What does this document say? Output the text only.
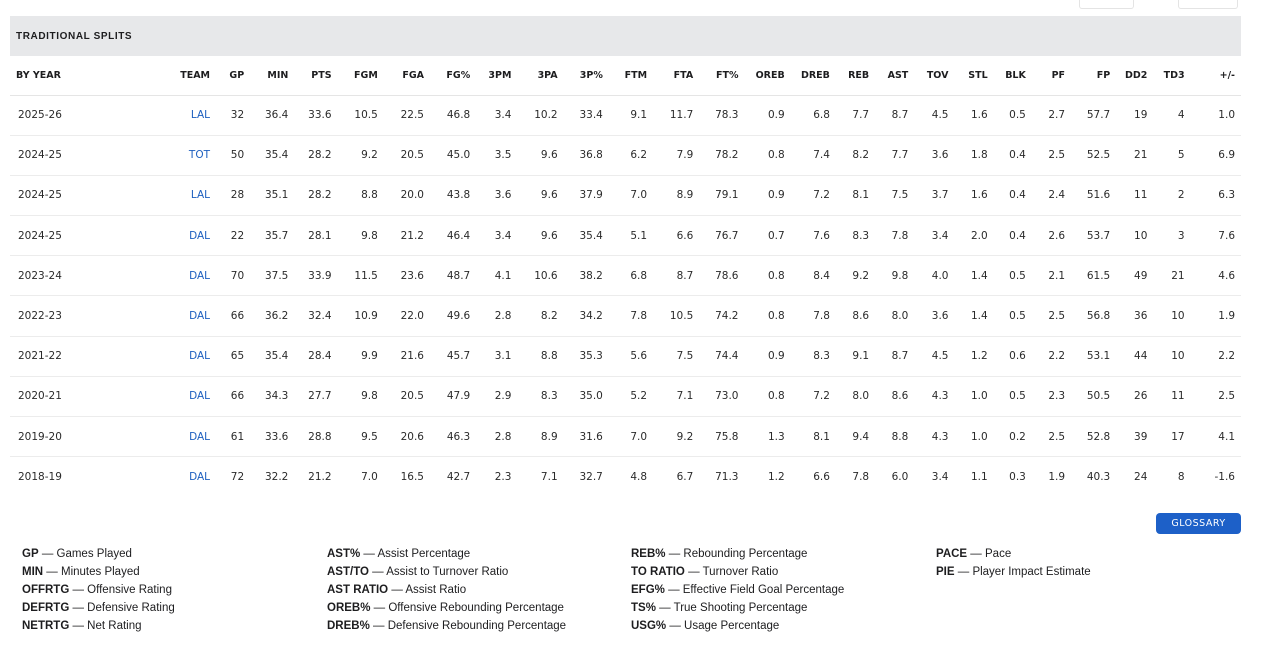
TRADITIONAL SPLITS
BY YEAR	TEAM	GP	MIN	PTS	FGM	FGA	FG%	3PM	3PA	3P%	FTM	FTA	FT%	OREB	DREB	REB	AST	TOV	STL	BLK	PF	FP	DD2	TD3	+/-
2025-26	LAL	32	36.4	33.6	10.5	22.5	46.8	3.4	10.2	33.4	9.1	11.7	78.3	0.9	6.8	7.7	8.7	4.5	1.6	0.5	2.7	57.7	19	4	1.0
2024-25	TOT	50	35.4	28.2	9.2	20.5	45.0	3.5	9.6	36.8	6.2	7.9	78.2	0.8	7.4	8.2	7.7	3.6	1.8	0.4	2.5	52.5	21	5	6.9
2024-25	LAL	28	35.1	28.2	8.8	20.0	43.8	3.6	9.6	37.9	7.0	8.9	79.1	0.9	7.2	8.1	7.5	3.7	1.6	0.4	2.4	51.6	11	2	6.3
2024-25	DAL	22	35.7	28.1	9.8	21.2	46.4	3.4	9.6	35.4	5.1	6.6	76.7	0.7	7.6	8.3	7.8	3.4	2.0	0.4	2.6	53.7	10	3	7.6
2023-24	DAL	70	37.5	33.9	11.5	23.6	48.7	4.1	10.6	38.2	6.8	8.7	78.6	0.8	8.4	9.2	9.8	4.0	1.4	0.5	2.1	61.5	49	21	4.6
2022-23	DAL	66	36.2	32.4	10.9	22.0	49.6	2.8	8.2	34.2	7.8	10.5	74.2	0.8	7.8	8.6	8.0	3.6	1.4	0.5	2.5	56.8	36	10	1.9
2021-22	DAL	65	35.4	28.4	9.9	21.6	45.7	3.1	8.8	35.3	5.6	7.5	74.4	0.9	8.3	9.1	8.7	4.5	1.2	0.6	2.2	53.1	44	10	2.2
2020-21	DAL	66	34.3	27.7	9.8	20.5	47.9	2.9	8.3	35.0	5.2	7.1	73.0	0.8	7.2	8.0	8.6	4.3	1.0	0.5	2.3	50.5	26	11	2.5
2019-20	DAL	61	33.6	28.8	9.5	20.6	46.3	2.8	8.9	31.6	7.0	9.2	75.8	1.3	8.1	9.4	8.8	4.3	1.0	0.2	2.5	52.8	39	17	4.1
2018-19	DAL	72	32.2	21.2	7.0	16.5	42.7	2.3	7.1	32.7	4.8	6.7	71.3	1.2	6.6	7.8	6.0	3.4	1.1	0.3	1.9	40.3	24	8	-1.6
GLOSSARY
GP — Games Played
MIN — Minutes Played
OFFRTG — Offensive Rating
DEFRTG — Defensive Rating
NETRTG — Net Rating
AST% — Assist Percentage
AST/TO — Assist to Turnover Ratio
AST RATIO — Assist Ratio
OREB% — Offensive Rebounding Percentage
DREB% — Defensive Rebounding Percentage
REB% — Rebounding Percentage
TO RATIO — Turnover Ratio
EFG% — Effective Field Goal Percentage
TS% — True Shooting Percentage
USG% — Usage Percentage
PACE — Pace
PIE — Player Impact Estimate
